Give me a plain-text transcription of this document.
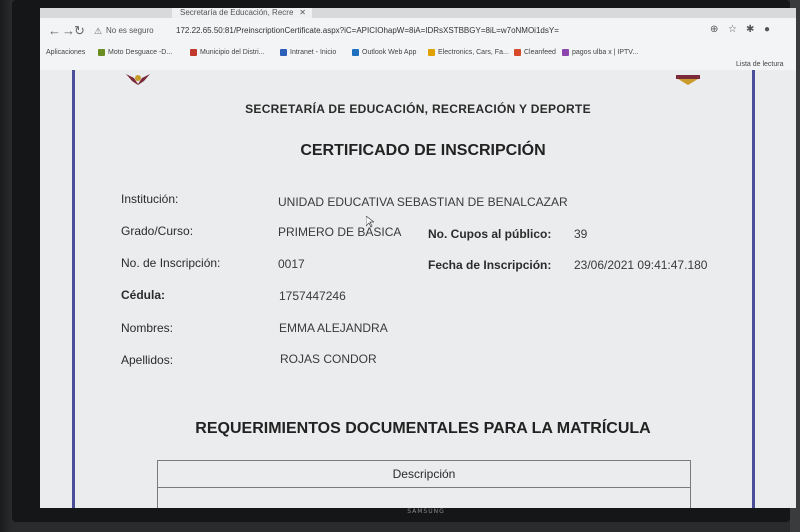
Secretaría de Educación, Recre ✕
← → ↻ ⚠ No es seguro	172.22.65.50:81/PreinscriptionCertificate.aspx?iC=APICIOhapW=8iA=IDRsXSTBBGY=8iL=w7oNMOi1dsY=	⊕ ☆ ✱ ●
Aplicaciones	Moto Desguace -D...	Municipio del Distri...	Intranet - Inicio	Outlook Web App	Electronics, Cars, Fa... Cleanfeed pagos ulba x | IPTV...
Lista de lectura
SECRETARÍA DE EDUCACIÓN, RECREACIÓN Y DEPORTE
CERTIFICADO DE INSCRIPCIÓN
Institución:	UNIDAD EDUCATIVA SEBASTIAN DE BENALCAZAR
Grado/Curso:	PRIMERO DE BASICA No. Cupos al público: 39
No. de Inscripción:	0017	Fecha de Inscripción: 23/06/2021 09:41:47.180
Cédula:	1757447246
Nombres:	EMMA ALEJANDRA
Apellidos:	ROJAS CONDOR
REQUERIMIENTOS DOCUMENTALES PARA LA MATRÍCULA
Descripción
SAMSUNG
